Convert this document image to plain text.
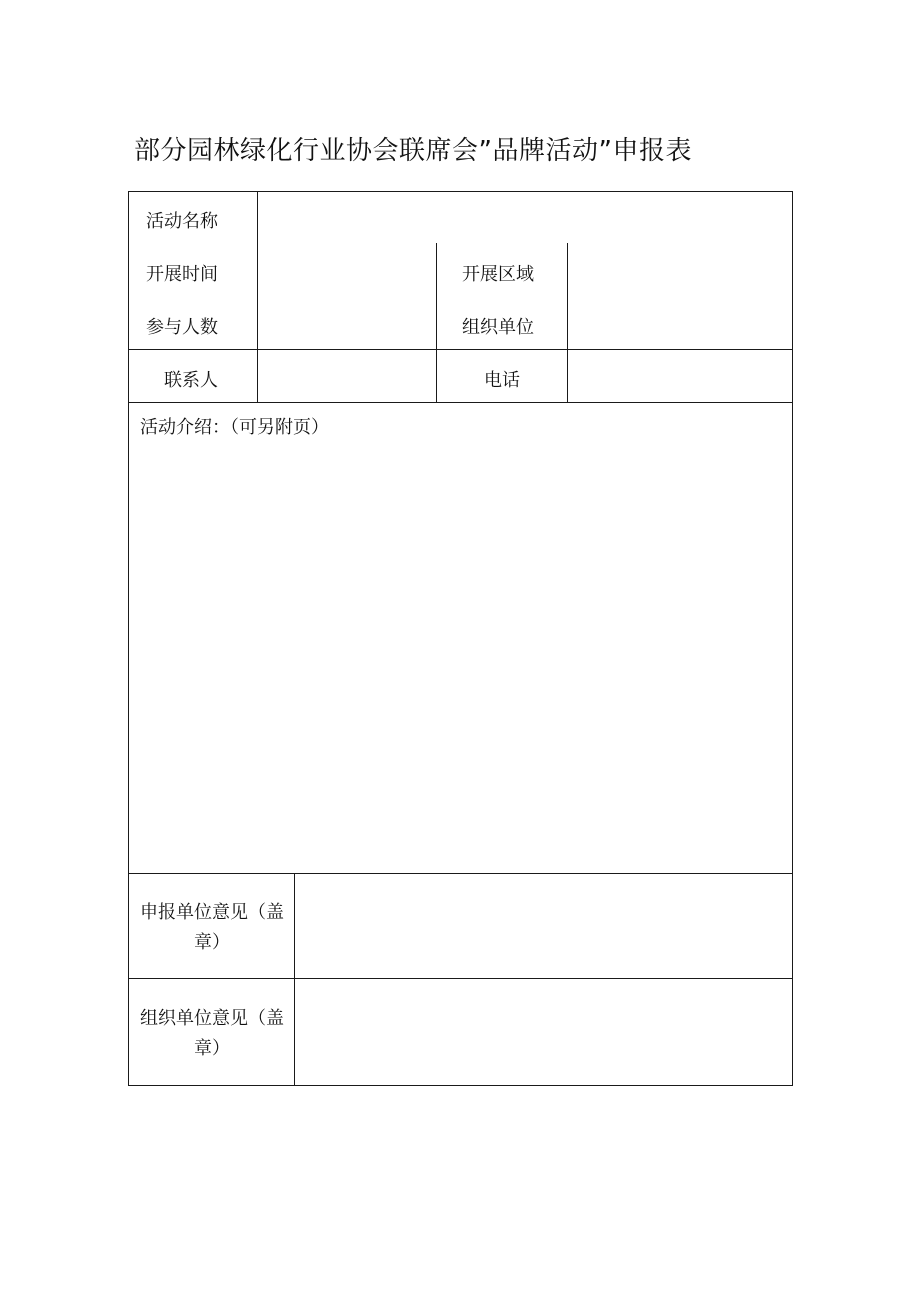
部分园林绿化行业协会联席会”品牌活动”申报表
活动名称
开展时间	开展区域
参与人数	组织单位
联系人	电话
活动介绍：（可另附页）
申报单位意见（盖章）
组织单位意见（盖章）
